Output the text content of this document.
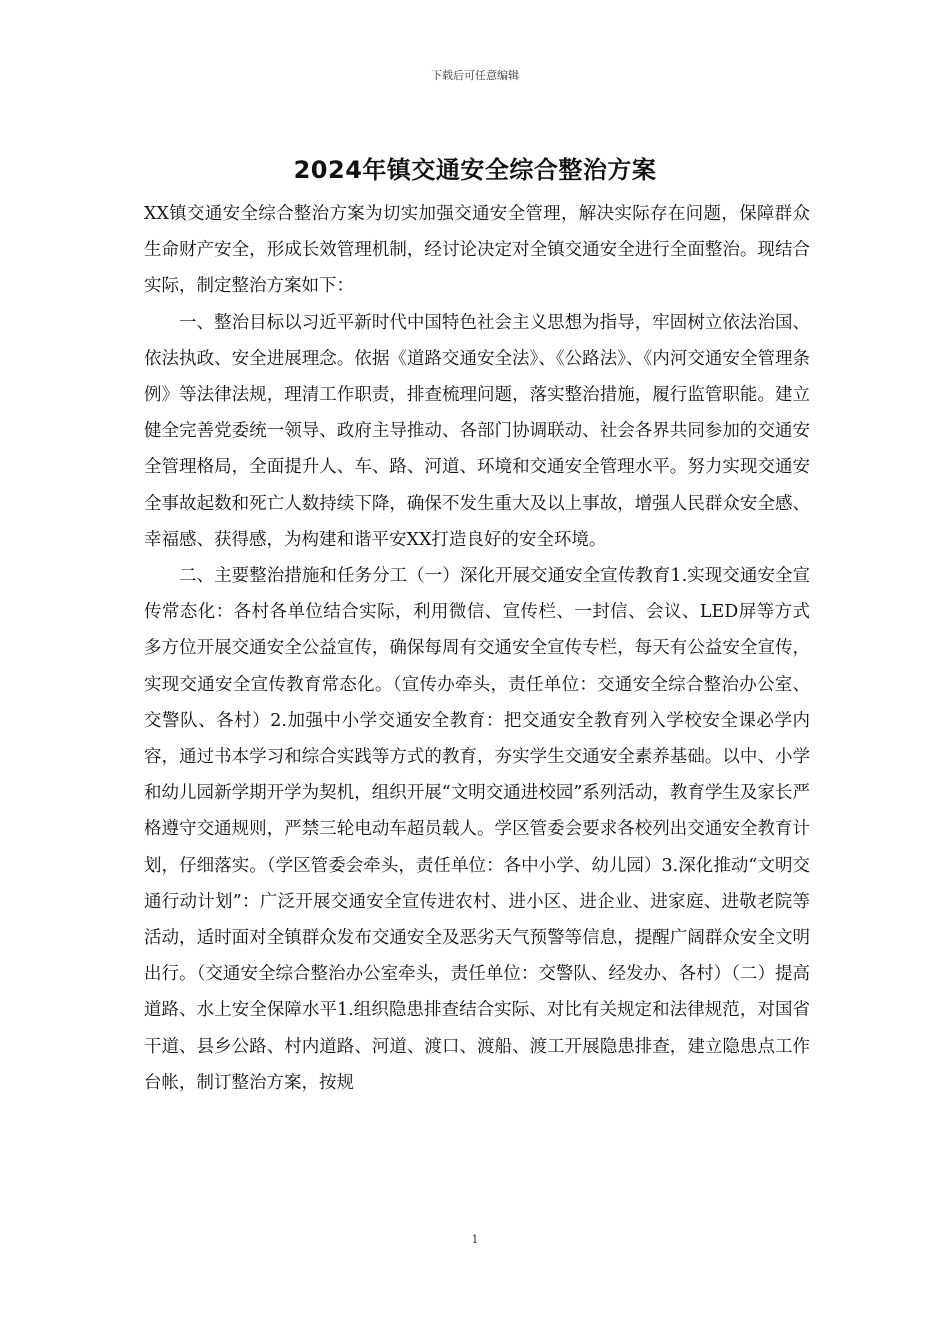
下载后可任意编辑
2024年镇交通安全综合整治方案

XX镇交通安全综合整治方案为切实加强交通安全管理，解决实际存在问题，保障群众生命财产安全，形成长效管理机制，经讨论决定对全镇交通安全进行全面整治。现结合实际，制定整治方案如下：

一、整治目标以习近平新时代中国特色社会主义思想为指导，牢固树立依法治国、依法执政、安全进展理念。依据《道路交通安全法》、《公路法》、《内河交通安全管理条例》等法律法规，理清工作职责，排查梳理问题，落实整治措施，履行监管职能。建立健全完善党委统一领导、政府主导推动、各部门协调联动、社会各界共同参加的交通安全管理格局，全面提升人、车、路、河道、环境和交通安全管理水平。努力实现交通安全事故起数和死亡人数持续下降，确保不发生重大及以上事故，增强人民群众安全感、幸福感、获得感，为构建和谐平安XX打造良好的安全环境。

二、主要整治措施和任务分工（一）深化开展交通安全宣传教育1.实现交通安全宣传常态化：各村各单位结合实际，利用微信、宣传栏、一封信、会议、LED屏等方式多方位开展交通安全公益宣传，确保每周有交通安全宣传专栏，每天有公益安全宣传，实现交通安全宣传教育常态化。（宣传办牵头，责任单位：交通安全综合整治办公室、交警队、各村）2.加强中小学交通安全教育：把交通安全教育列入学校安全课必学内容，通过书本学习和综合实践等方式的教育，夯实学生交通安全素养基础。以中、小学和幼儿园新学期开学为契机，组织开展“文明交通进校园”系列活动，教育学生及家长严格遵守交通规则，严禁三轮电动车超员载人。学区管委会要求各校列出交通安全教育计划，仔细落实。（学区管委会牵头，责任单位：各中小学、幼儿园）3.深化推动“文明交通行动计划”：广泛开展交通安全宣传进农村、进小区、进企业、进家庭、进敬老院等活动，适时面对全镇群众发布交通安全及恶劣天气预警等信息，提醒广阔群众安全文明出行。（交通安全综合整治办公室牵头，责任单位：交警队、经发办、各村）（二）提高道路、水上安全保障水平1.组织隐患排查结合实际、对比有关规定和法律规范，对国省干道、县乡公路、村内道路、河道、渡口、渡船、渡工开展隐患排查，建立隐患点工作台帐，制订整治方案，按规

1
